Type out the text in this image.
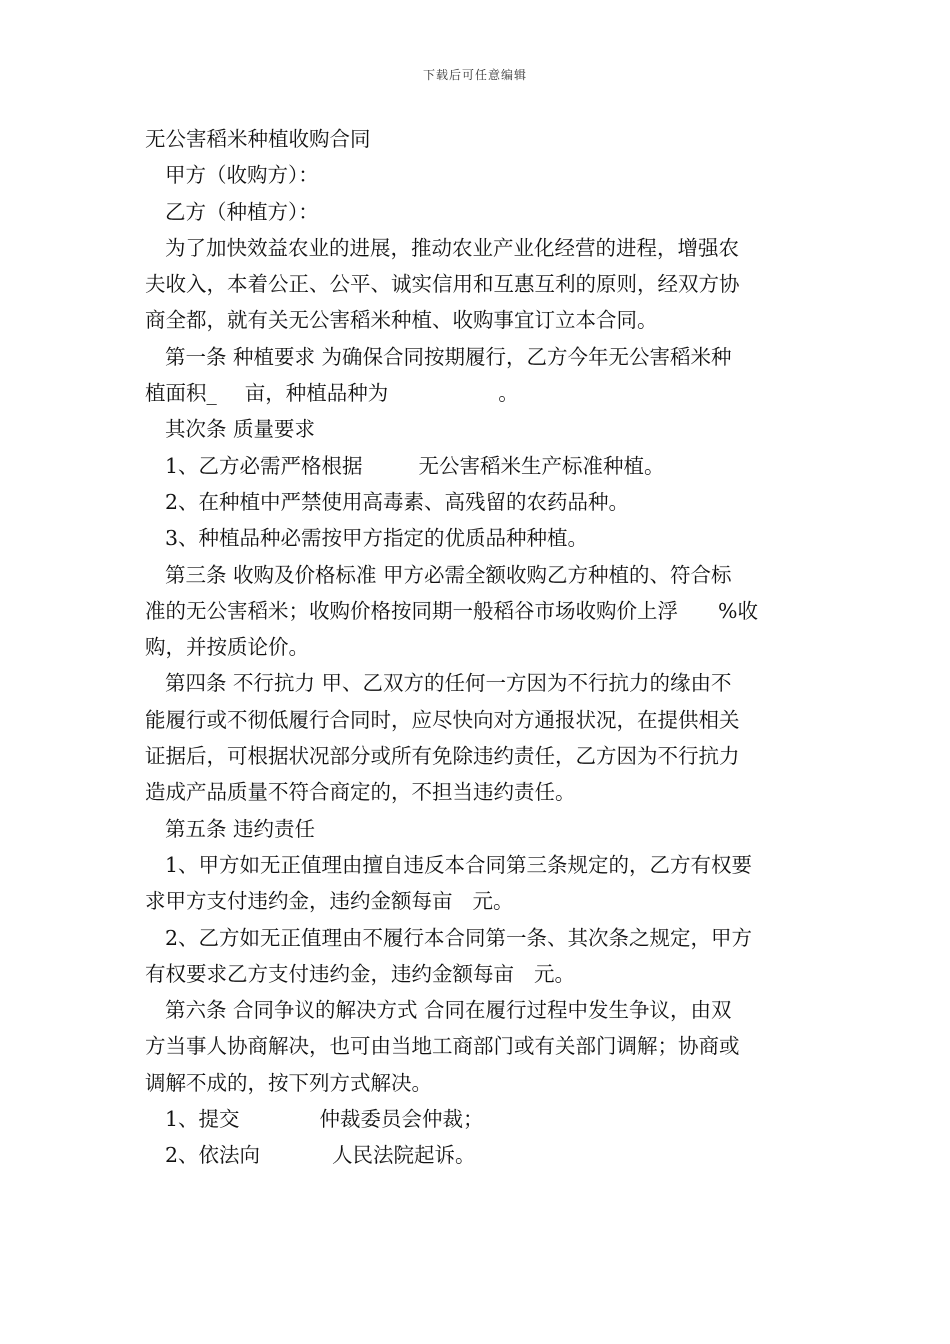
下载后可任意编辑
无公害稻米种植收购合同
甲方（收购方）：
乙方（种植方）：
为了加快效益农业的进展，推动农业产业化经营的进程，增强农
夫收入，本着公正、公平、诚实信用和互惠互利的原则，经双方协
商全都，就有关无公害稻米种植、收购事宜订立本合同。
第一条 种植要求 为确保合同按期履行，乙方今年无公害稻米种
植面积_ 亩，种植品种为	。
其次条 质量要求
1、乙方必需严格根据	无公害稻米生产标准种植。
2、在种植中严禁使用高毒素、高残留的农药品种。
3、种植品种必需按甲方指定的优质品种种植。
第三条 收购及价格标准 甲方必需全额收购乙方种植的、符合标
准的无公害稻米；收购价格按同期一般稻谷市场收购价上浮 %收
购，并按质论价。
第四条 不行抗力 甲、乙双方的任何一方因为不行抗力的缘由不
能履行或不彻低履行合同时，应尽快向对方通报状况，在提供相关
证据后，可根据状况部分或所有免除违约责任，乙方因为不行抗力
造成产品质量不符合商定的，不担当违约责任。
第五条 违约责任
1、甲方如无正值理由擅自违反本合同第三条规定的，乙方有权要
求甲方支付违约金，违约金额每亩 元。
2、乙方如无正值理由不履行本合同第一条、其次条之规定，甲方
有权要求乙方支付违约金，违约金额每亩 元。
第六条 合同争议的解决方式 合同在履行过程中发生争议，由双
方当事人协商解决，也可由当地工商部门或有关部门调解；协商或
调解不成的，按下列方式解决。
1、提交	仲裁委员会仲裁；
2、依法向	人民法院起诉。
